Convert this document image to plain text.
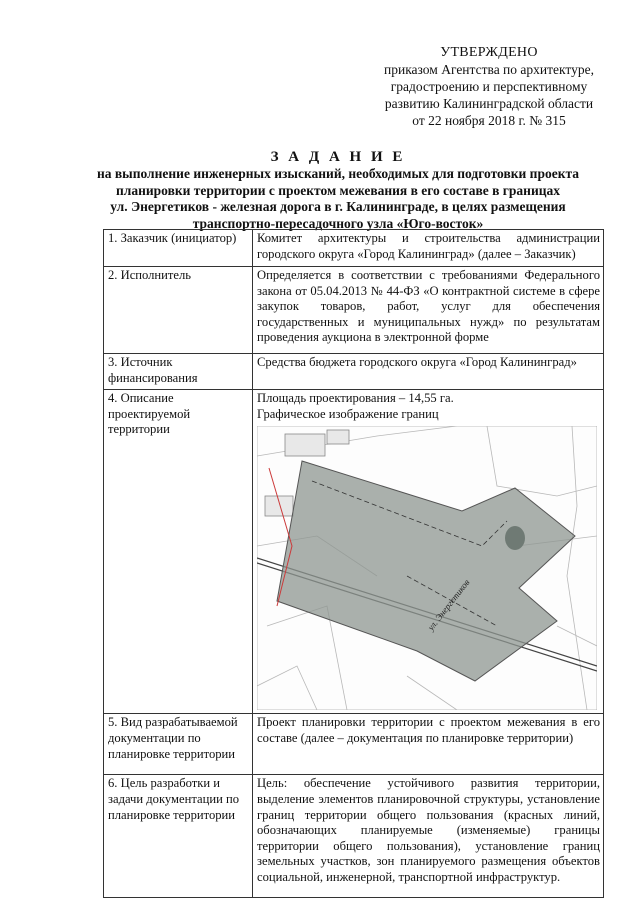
УТВЕРЖДЕНО
приказом Агентства по архитектуре,
градостроению и перспективному
развитию Калининградской области
от 22 ноября 2018 г. № 315
З А Д А Н И Е
на выполнение инженерных изысканий, необходимых для подготовки проекта
планировки территории с проектом межевания в его составе в границах
ул. Энергетиков - железная дорога в г. Калининграде, в целях размещения
транспортно-пересадочного узла «Юго-восток»
1. Заказчик (инициатор)	Комитет архитектуры и строительства администрации городского округа «Город Калининград» (далее – Заказчик)
2. Исполнитель	Определяется в соответствии с требованиями Федерального закона от 05.04.2013 № 44-ФЗ «О контрактной системе в сфере закупок товаров, работ, услуг для обеспечения государственных и муниципальных нужд» по результатам проведения аукциона в электронной форме
3. Источник финансирования	Средства бюджета городского округа «Город Калининград»
4. Описание проектируемой территории	Площадь проектирования – 14,55 га.
Графическое изображение границ
ул. Энергетиков

5. Вид разрабатываемой документации по планировке территории	Проект планировки территории с проектом межевания в его составе (далее – документация по планировке территории)
6. Цель разработки и задачи документации по планировке территории	Цель: обеспечение устойчивого развития территории, выделение элементов планировочной структуры, установление границ территории общего пользования (красных линий, обозначающих планируемые (изменяемые) границы территории общего пользования), установление границ земельных участков, зон планируемого размещения объектов социальной, инженерной, транспортной инфраструктур.
